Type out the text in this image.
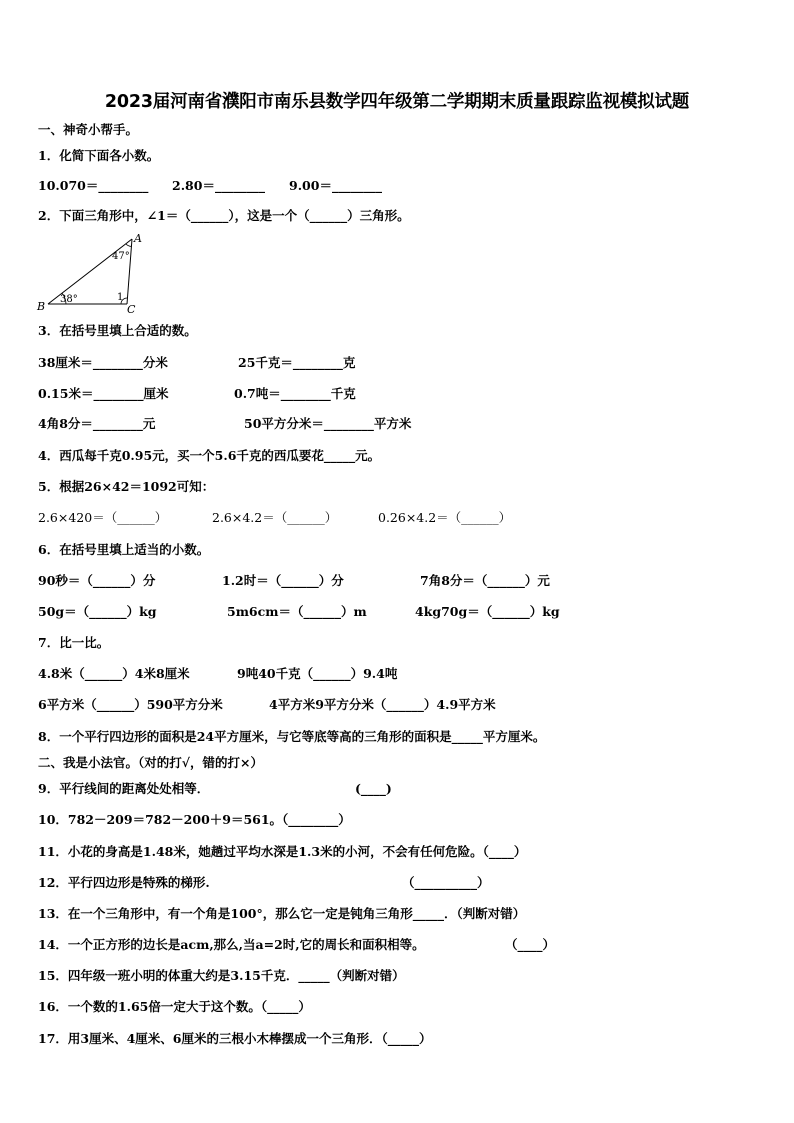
2023届河南省濮阳市南乐县数学四年级第二学期期末质量跟踪监视模拟试题
一、神奇小帮手。
1．化简下面各小数。
10.070＝________ 2.80＝________ 9.00＝________
2．下面三角形中，∠1＝（______），这是一个（______）三角形。
A
B	C
47°
38°	1
3．在括号里填上合适的数。
38厘米＝________分米	25千克＝________克
0.15米＝________厘米	0.7吨＝________千克
4角8分＝________元	50平方分米＝________平方米
4．西瓜每千克0.95元，买一个5.6千克的西瓜要花_____元。
5．根据26×42＝1092可知：
2.6×420＝（______）	2.6×4.2＝（______）	0.26×4.2＝（______）
6．在括号里填上适当的小数。
90秒＝（______）分	1.2时＝（______）分	7角8分＝（______）元
50g＝（______）kg	5m6cm＝（______）m	4kg70g＝（______）kg
7．比一比。
4.8米（______）4米8厘米	9吨40千克（______）9.4吨
6平方米（______）590平方分米	4平方米9平方分米（______）4.9平方米
8．一个平行四边形的面积是24平方厘米，与它等底等高的三角形的面积是_____平方厘米。
二、我是小法官。（对的打√，错的打×）
9．平行线间的距离处处相等．	(____)
10．782－209＝782－200＋9＝561。（________）
11．小花的身高是1.48米，她趟过平均水深是1.3米的小河，不会有任何危险。（____）
12．平行四边形是特殊的梯形.	（__________）
13．在一个三角形中，有一个角是100°，那么它一定是钝角三角形_____．（判断对错）
14．一个正方形的边长是acm,那么,当a=2时,它的周长和面积相等。	（____）
15．四年级一班小明的体重大约是3.15千克．_____（判断对错）
16．一个数的1.65倍一定大于这个数。（_____）
17．用3厘米、4厘米、6厘米的三根小木棒摆成一个三角形．（_____）
